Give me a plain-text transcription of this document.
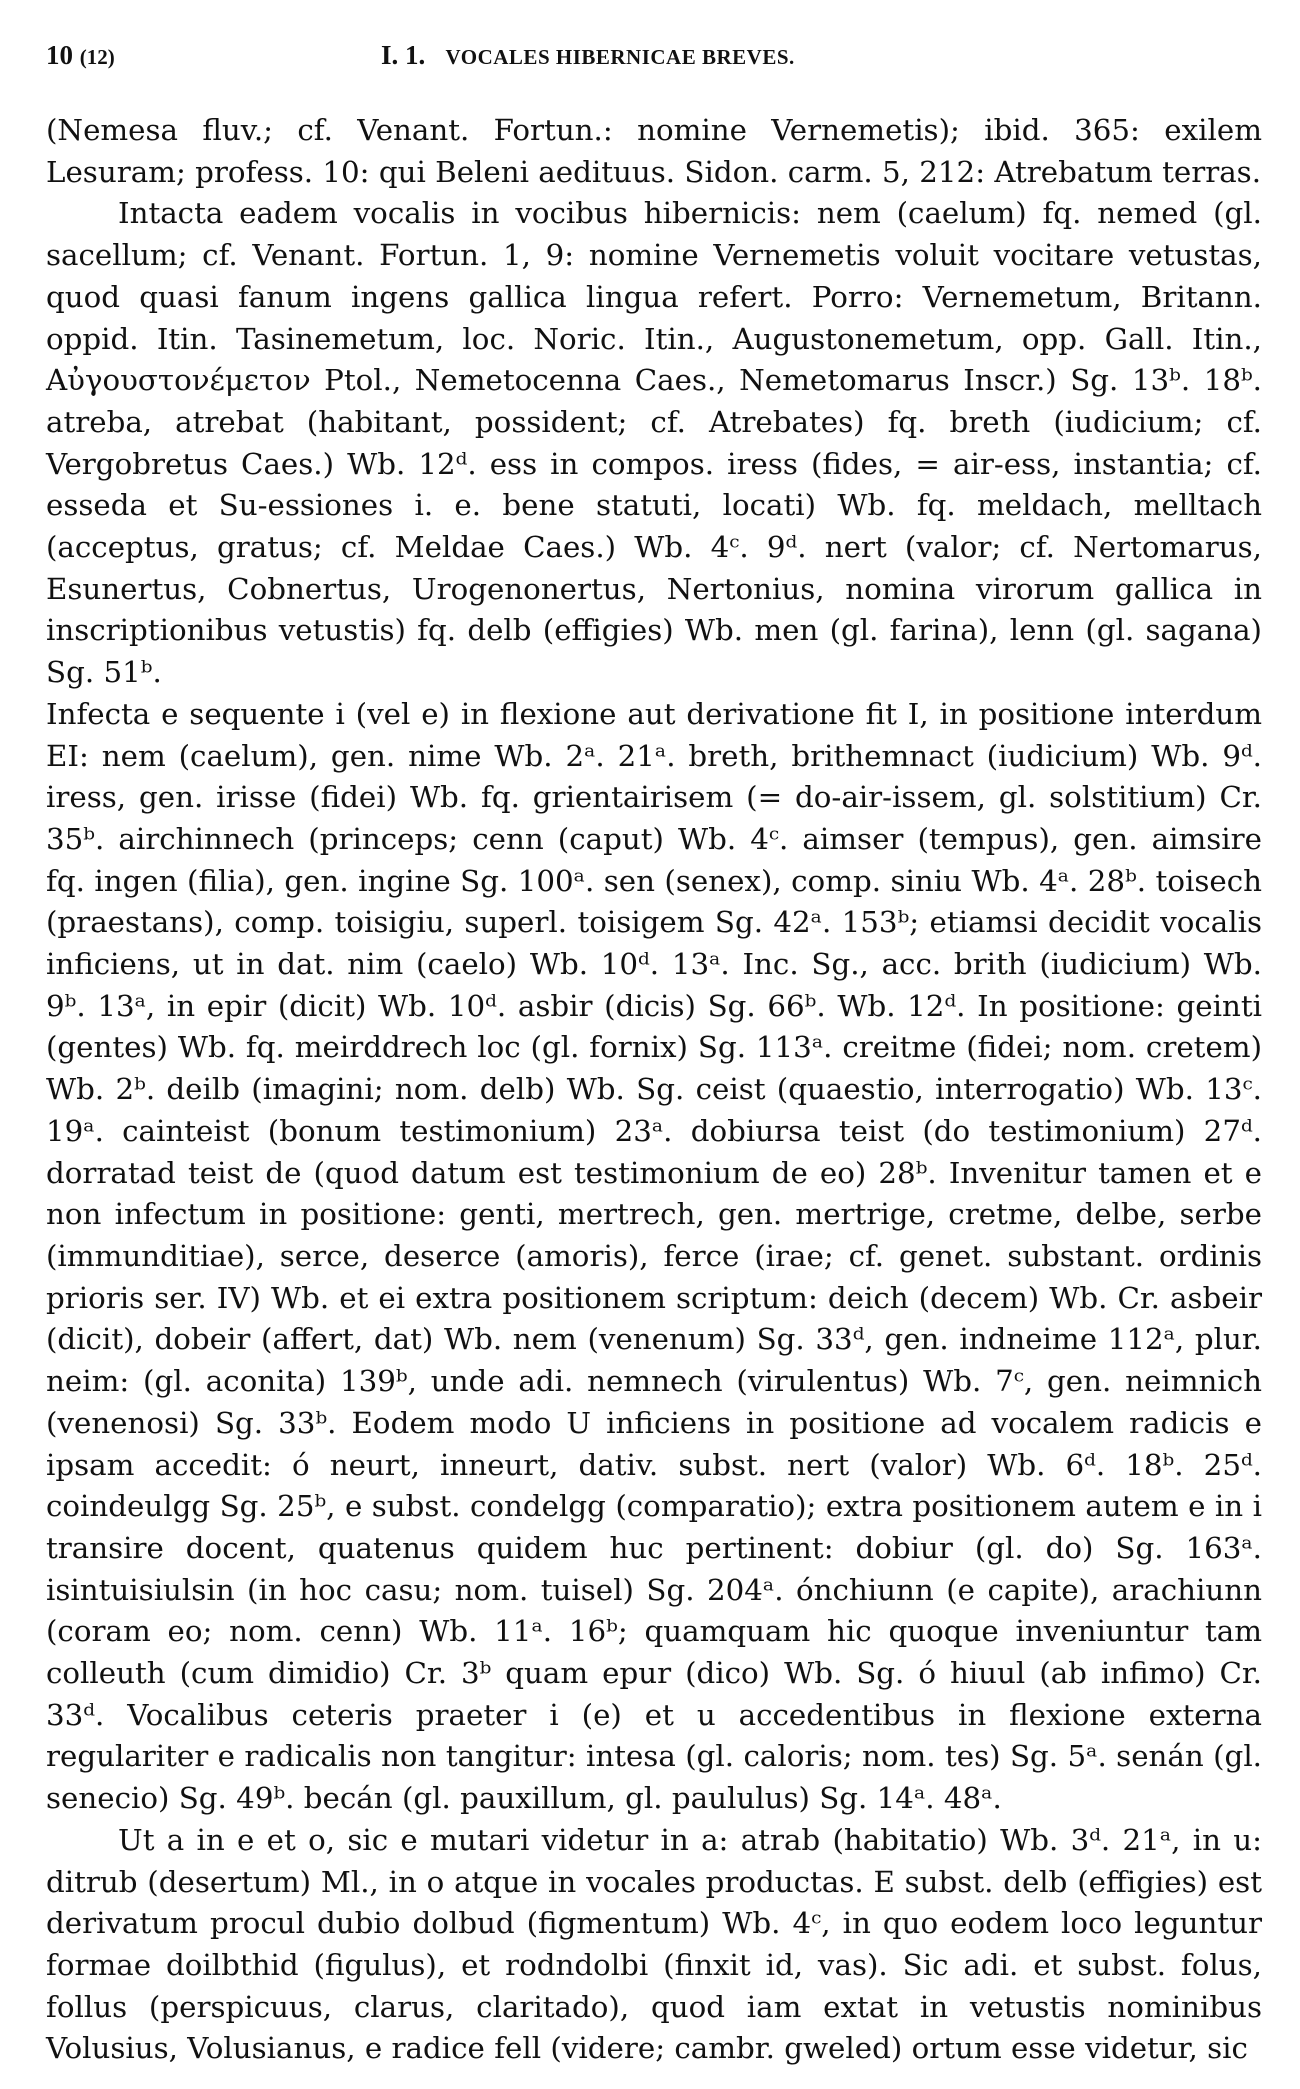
10 (12)	I. 1. VOCALES HIBERNICAE BREVES.

(Nemesa fluv.; cf. Venant. Fortun.: nomine Vernemetis); ibid. 365: exilem Lesuram; profess. 10: qui Beleni aedituus. Sidon. carm. 5, 212: Atrebatum terras.

Intacta eadem vocalis in vocibus hibernicis: nem (caelum) fq. nemed (gl. sacellum; cf. Venant. Fortun. 1, 9: nomine Vernemetis voluit vocitare vetustas, quod quasi fanum ingens gallica lingua refert. Porro: Vernemetum, Britann. oppid. Itin. Tasinemetum, loc. Noric. Itin., Augustonemetum, opp. Gall. Itin., Αὐγουστονέμετον Ptol., Nemetocenna Caes., Nemetomarus Inscr.) Sg. 13ᵇ. 18ᵇ. atreba, atrebat (habitant, possident; cf. Atrebates) fq. breth (iudicium; cf. Vergobretus Caes.) Wb. 12ᵈ. ess in compos. iress (fides, = air-ess, instantia; cf. esseda et Su-essiones i. e. bene statuti, locati) Wb. fq. meldach, melltach (acceptus, gratus; cf. Meldae Caes.) Wb. 4ᶜ. 9ᵈ. nert (valor; cf. Nertomarus, Esunertus, Cobnertus, Urogenonertus, Nertonius, nomina virorum gallica in inscriptionibus vetustis) fq. delb (effigies) Wb. men (gl. farina), lenn (gl. sagana) Sg. 51ᵇ.

Infecta e sequente i (vel e) in flexione aut derivatione fit I, in positione interdum EI: nem (caelum), gen. nime Wb. 2ᵃ. 21ᵃ. breth, brithemnact (iudicium) Wb. 9ᵈ. iress, gen. irisse (fidei) Wb. fq. grientairisem (= do-air-issem, gl. solstitium) Cr. 35ᵇ. airchinnech (princeps; cenn (caput) Wb. 4ᶜ. aimser (tempus), gen. aimsire fq. ingen (filia), gen. ingine Sg. 100ᵃ. sen (senex), comp. siniu Wb. 4ᵃ. 28ᵇ. toisech (praestans), comp. toisigiu, superl. toisigem Sg. 42ᵃ. 153ᵇ; etiamsi decidit vocalis inficiens, ut in dat. nim (caelo) Wb. 10ᵈ. 13ᵃ. Inc. Sg., acc. brith (iudicium) Wb. 9ᵇ. 13ᵃ, in epir (dicit) Wb. 10ᵈ. asbir (dicis) Sg. 66ᵇ. Wb. 12ᵈ. In positione: geinti (gentes) Wb. fq. meirddrech loc (gl. fornix) Sg. 113ᵃ. creitme (fidei; nom. cretem) Wb. 2ᵇ. deilb (imagini; nom. delb) Wb. Sg. ceist (quaestio, interrogatio) Wb. 13ᶜ. 19ᵃ. cainteist (bonum testimonium) 23ᵃ. dobiursa teist (do testimonium) 27ᵈ. dorratad teist de (quod datum est testimonium de eo) 28ᵇ. Invenitur tamen et e non infectum in positione: genti, mertrech, gen. mertrige, cretme, delbe, serbe (immunditiae), serce, deserce (amoris), ferce (irae; cf. genet. substant. ordinis prioris ser. IV) Wb. et ei extra positionem scriptum: deich (decem) Wb. Cr. asbeir (dicit), dobeir (affert, dat) Wb. nem (venenum) Sg. 33ᵈ, gen. indneime 112ᵃ, plur. neim: (gl. aconita) 139ᵇ, unde adi. nemnech (virulentus) Wb. 7ᶜ, gen. neimnich (venenosi) Sg. 33ᵇ. Eodem modo U inficiens in positione ad vocalem radicis e ipsam accedit: ó neurt, inneurt, dativ. subst. nert (valor) Wb. 6ᵈ. 18ᵇ. 25ᵈ. coindeulgg Sg. 25ᵇ, e subst. condelgg (comparatio); extra positionem autem e in i transire docent, quatenus quidem huc pertinent: dobiur (gl. do) Sg. 163ᵃ. isintuisiulsin (in hoc casu; nom. tuisel) Sg. 204ᵃ. ónchiunn (e capite), arachiunn (coram eo; nom. cenn) Wb. 11ᵃ. 16ᵇ; quamquam hic quoque inveniuntur tam colleuth (cum dimidio) Cr. 3ᵇ quam epur (dico) Wb. Sg. ó hiuul (ab infimo) Cr. 33ᵈ. Vocalibus ceteris praeter i (e) et u accedentibus in flexione externa regulariter e radicalis non tangitur: intesa (gl. caloris; nom. tes) Sg. 5ᵃ. senán (gl. senecio) Sg. 49ᵇ. becán (gl. pauxillum, gl. paululus) Sg. 14ᵃ. 48ᵃ.

Ut a in e et o, sic e mutari videtur in a: atrab (habitatio) Wb. 3ᵈ. 21ᵃ, in u: ditrub (desertum) Ml., in o atque in vocales productas. E subst. delb (effigies) est derivatum procul dubio dolbud (figmentum) Wb. 4ᶜ, in quo eodem loco leguntur formae doilbthid (figulus), et rodndolbi (finxit id, vas). Sic adi. et subst. folus, follus (perspicuus, clarus, claritado), quod iam extat in vetustis nominibus Volusius, Volusianus, e radice fell (videre; cambr. gweled) ortum esse videtur, sic
